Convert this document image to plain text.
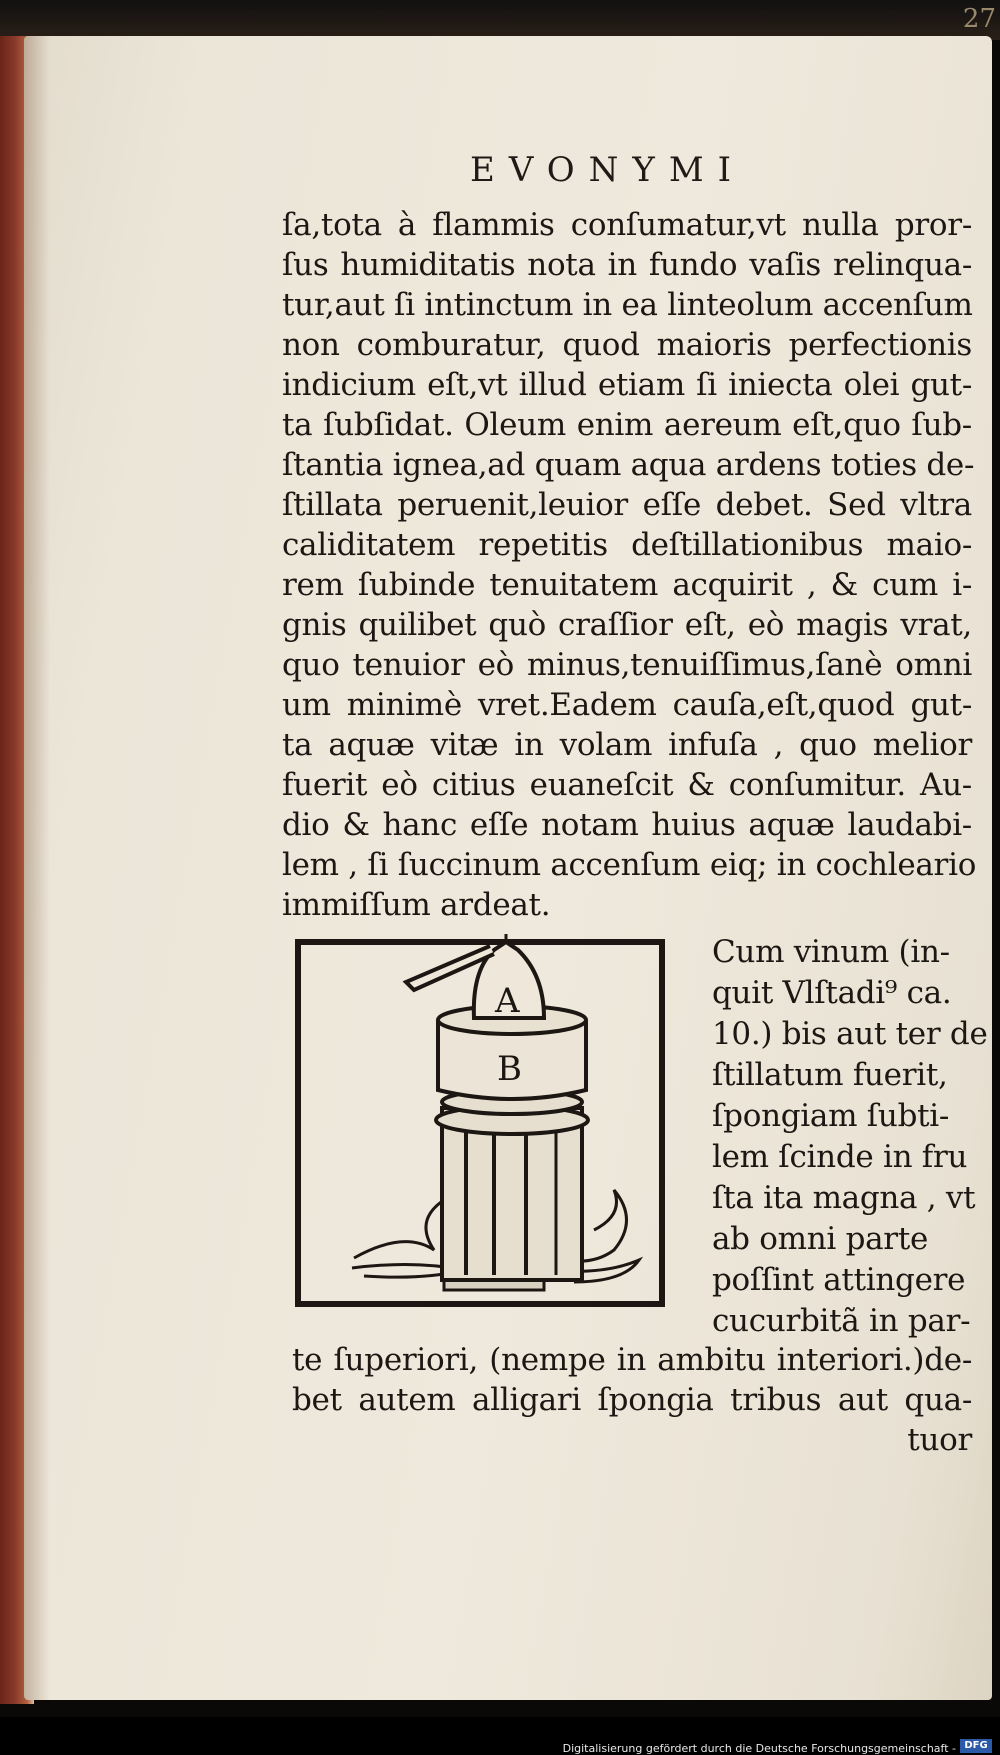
27
EVONYMI
ſa,tota à flammis conſumatur,vt nulla pror-
ſus humiditatis nota in fundo vaſis relinqua-
tur,aut ſi intinctum in ea linteolum accenſum
non comburatur, quod maioris perfectionis
indicium eſt,vt illud etiam ſi iniecta olei gut-
ta ſubſidat. Oleum enim aereum eſt,quo ſub-
ſtantia ignea,ad quam aqua ardens toties de-
ſtillata peruenit,leuior eſſe debet. Sed vltra
caliditatem repetitis deſtillationibus maio-
rem ſubinde tenuitatem acquirit , & cum i-
gnis quilibet quò craſſior eſt, eò magis vrat,
quo tenuior eò minus,tenuiſſimus,ſanè omni
um minimè vret.Eadem cauſa,eſt,quod gut-
ta aquæ vitæ in volam infuſa , quo melior
fuerit eò citius euaneſcit & conſumitur. Au-
dio & hanc eſſe notam huius aquæ laudabi-
lem , ſi ſuccinum accenſum eiq; in cochleario
immiſſum ardeat.
A
B
Cum vinum (in-
quit Vlſtadi⁹ ca.
10.) bis aut ter de
ſtillatum fuerit,
ſpongiam ſubti-
lem ſcinde in fru
ſta ita magna , vt
ab omni parte
poſſint attingere
cucurbitã in par-
te ſuperiori, (nempe in ambitu interiori.)de-
bet autem alligari ſpongia tribus aut qua-
tuor
Digitalisierung gefördert durch die Deutsche Forschungsgemeinschaft - DFG
